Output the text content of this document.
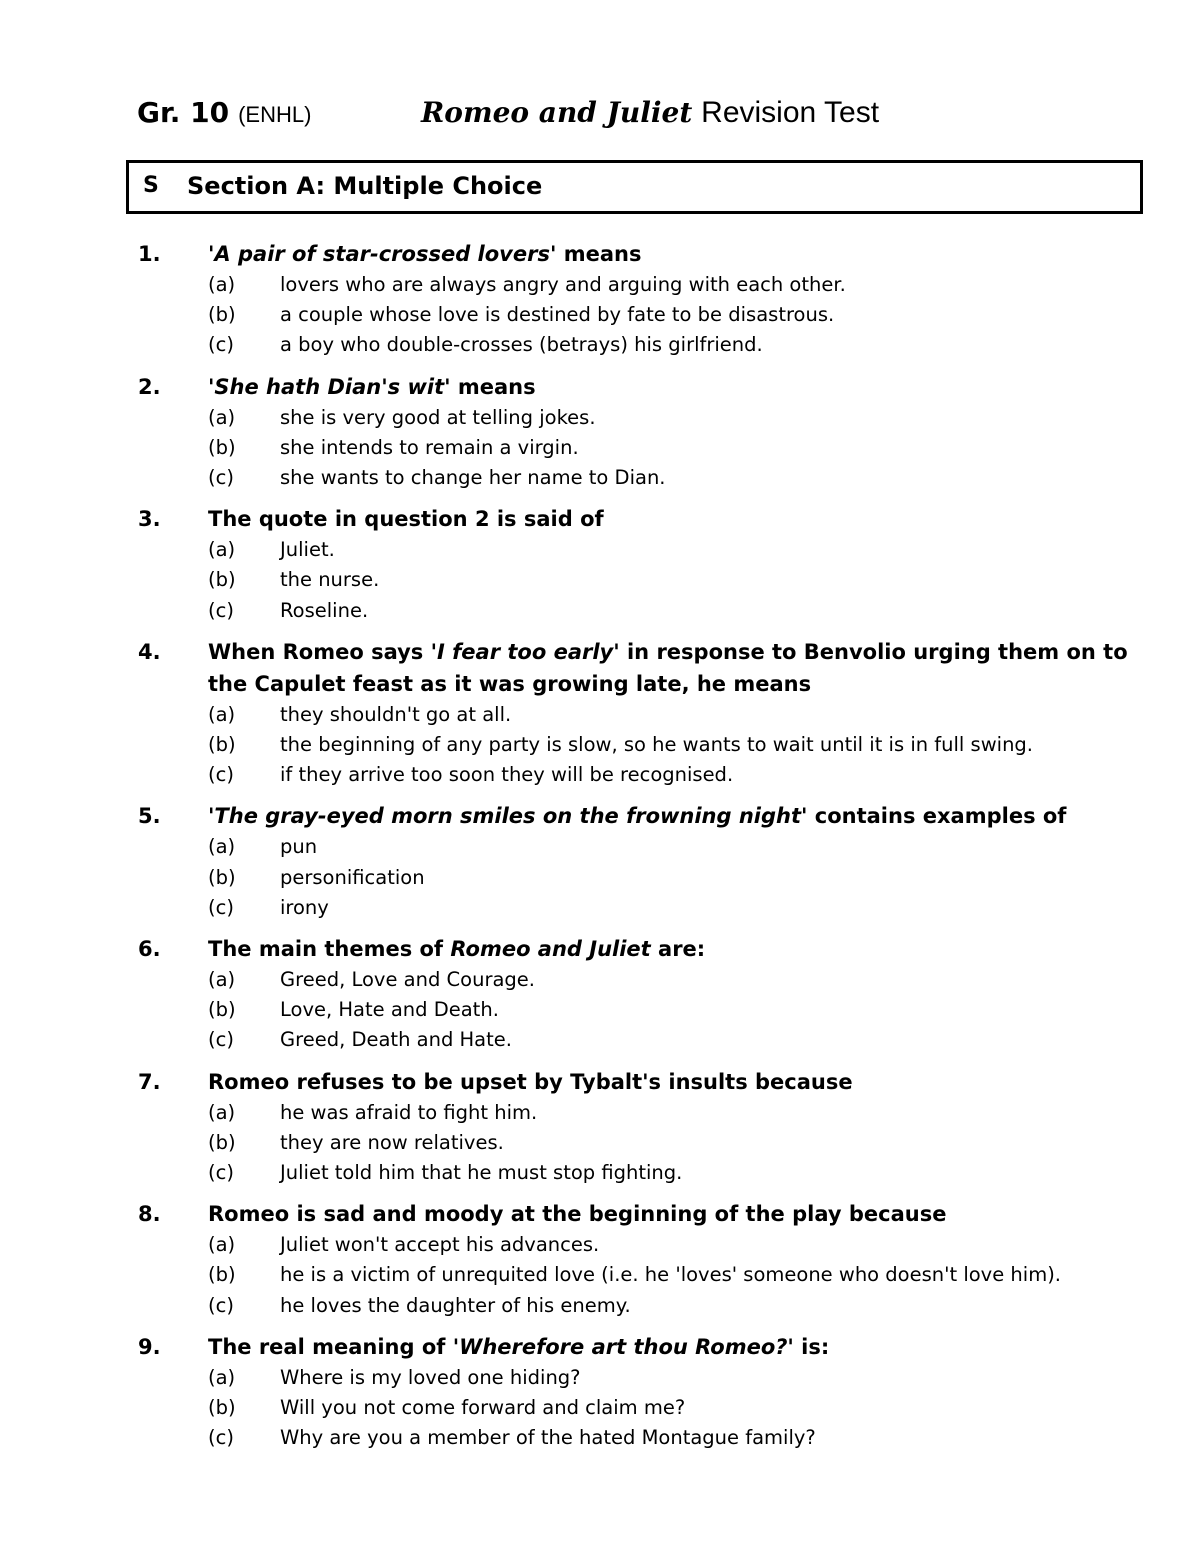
Gr. 10 (ENHL)	Romeo and Juliet Revision Test
S Section A: Multiple Choice
1.	'A pair of star-crossed lovers' means
(a)	lovers who are always angry and arguing with each other.
(b)	a couple whose love is destined by fate to be disastrous.
(c)	a boy who double-crosses (betrays) his girlfriend.
2.	'She hath Dian's wit' means
(a)	she is very good at telling jokes.
(b)	she intends to remain a virgin.
(c)	she wants to change her name to Dian.
3.	The quote in question 2 is said of
(a)	Juliet.
(b)	the nurse.
(c)	Roseline.
4.	When Romeo says 'I fear too early' in response to Benvolio urging them on to the Capulet feast as it was growing late, he means
(a)	they shouldn't go at all.
(b)	the beginning of any party is slow, so he wants to wait until it is in full swing.
(c)	if they arrive too soon they will be recognised.
5.	'The gray-eyed morn smiles on the frowning night' contains examples of
(a)	pun
(b)	personification
(c)	irony
6.	The main themes of Romeo and Juliet are:
(a)	Greed, Love and Courage.
(b)	Love, Hate and Death.
(c)	Greed, Death and Hate.
7.	Romeo refuses to be upset by Tybalt's insults because
(a)	he was afraid to fight him.
(b)	they are now relatives.
(c)	Juliet told him that he must stop fighting.
8.	Romeo is sad and moody at the beginning of the play because
(a)	Juliet won't accept his advances.
(b)	he is a victim of unrequited love (i.e. he 'loves' someone who doesn't love him).
(c)	he loves the daughter of his enemy.
9.	The real meaning of 'Wherefore art thou Romeo?' is:
(a)	Where is my loved one hiding?
(b)	Will you not come forward and claim me?
(c)	Why are you a member of the hated Montague family?
